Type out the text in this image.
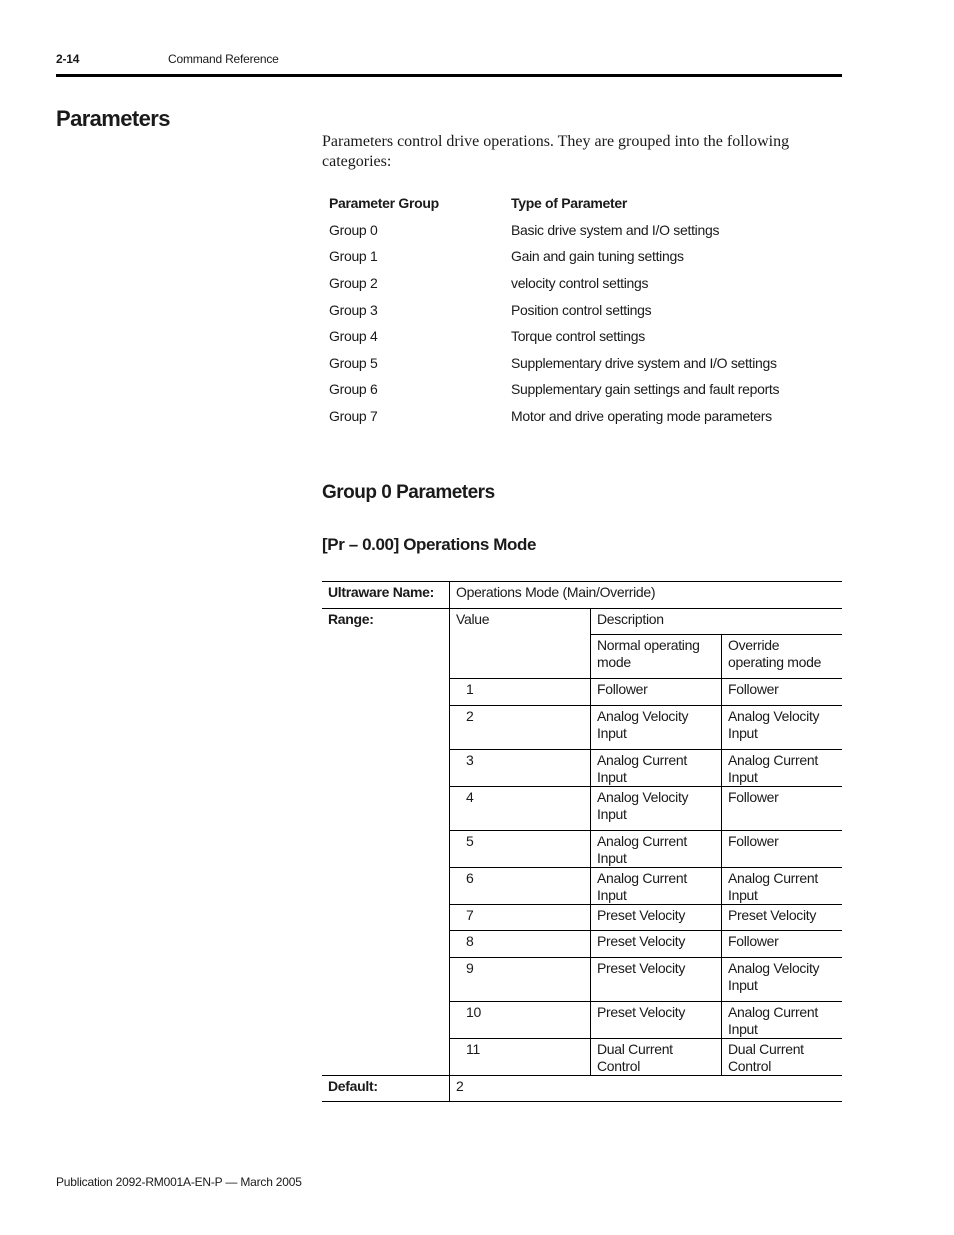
2-14	Command Reference
Parameters
Parameters control drive operations. They are grouped into the following categories:
Parameter Group	Type of Parameter
Group 0	Basic drive system and I/O settings
Group 1	Gain and gain tuning settings
Group 2	velocity control settings
Group 3	Position control settings
Group 4	Torque control settings
Group 5	Supplementary drive system and I/O settings
Group 6	Supplementary gain settings and fault reports
Group 7	Motor and drive operating mode parameters
Group 0 Parameters
[Pr – 0.00] Operations Mode
Ultraware Name:	Operations Mode (Main/Override)		
Range:	Value	Description	
		Normal operating mode	Override operating mode
	1	Follower	Follower
	2	Analog Velocity Input	Analog Velocity Input
	3	Analog Current Input	Analog Current Input
	4	Analog Velocity Input	Follower
	5	Analog Current Input	Follower
	6	Analog Current Input	Analog Current Input
	7	Preset Velocity	Preset Velocity
	8	Preset Velocity	Follower
	9	Preset Velocity	Analog Velocity Input
	10	Preset Velocity	Analog Current Input
	11	Dual Current Control	Dual Current Control
Default:	2		
Publication 2092-RM001A-EN-P — March 2005
